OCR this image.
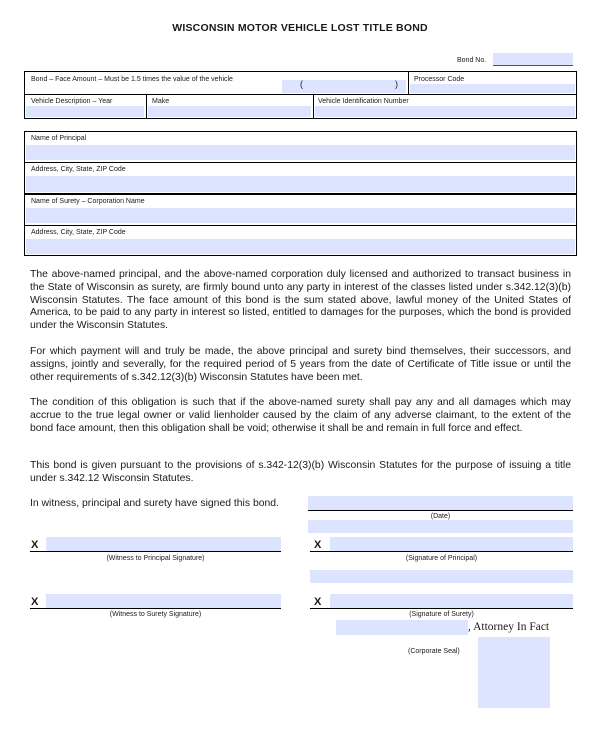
WISCONSIN MOTOR VEHICLE LOST TITLE BOND
Bond No.
Bond – Face Amount – Must be 1.5 times the value of the vehicle	(	) Processor Code
Vehicle Description – Year	Make	Vehicle Identification Number
Name of Principal
Address, City, State, ZIP Code
Name of Surety – Corporation Name
Address, City, State, ZIP Code
The above-named principal, and the above-named corporation duly licensed and authorized to transact business in the State of Wisconsin as surety, are firmly bound unto any party in interest of the classes listed under s.342.12(3)(b) Wisconsin Statutes. The face amount of this bond is the sum stated above, lawful money of the United States of America, to be paid to any party in interest so listed, entitled to damages for the purposes, which the bond is provided under the Wisconsin Statutes.
For which payment will and truly be made, the above principal and surety bind themselves, their successors, and assigns, jointly and severally, for the required period of 5 years from the date of Certificate of Title issue or until the other requirements of s.342.12(3)(b) Wisconsin Statutes have been met.
The condition of this obligation is such that if the above-named surety shall pay any and all damages which may accrue to the true legal owner or valid lienholder caused by the claim of any adverse claimant, to the extent of the bond face amount, then this obligation shall be void; otherwise it shall be and remain in full force and effect.
This bond is given pursuant to the provisions of s.342-12(3)(b) Wisconsin Statutes for the purpose of issuing a title under s.342.12 Wisconsin Statutes.
In witness, principal and surety have signed this bond.
(Date)
X
(Witness to Principal Signature)
X
(Signature of Principal)
X
(Witness to Surety Signature)
X
(Signature of Surety)
, Attorney In Fact
(Corporate Seal)
